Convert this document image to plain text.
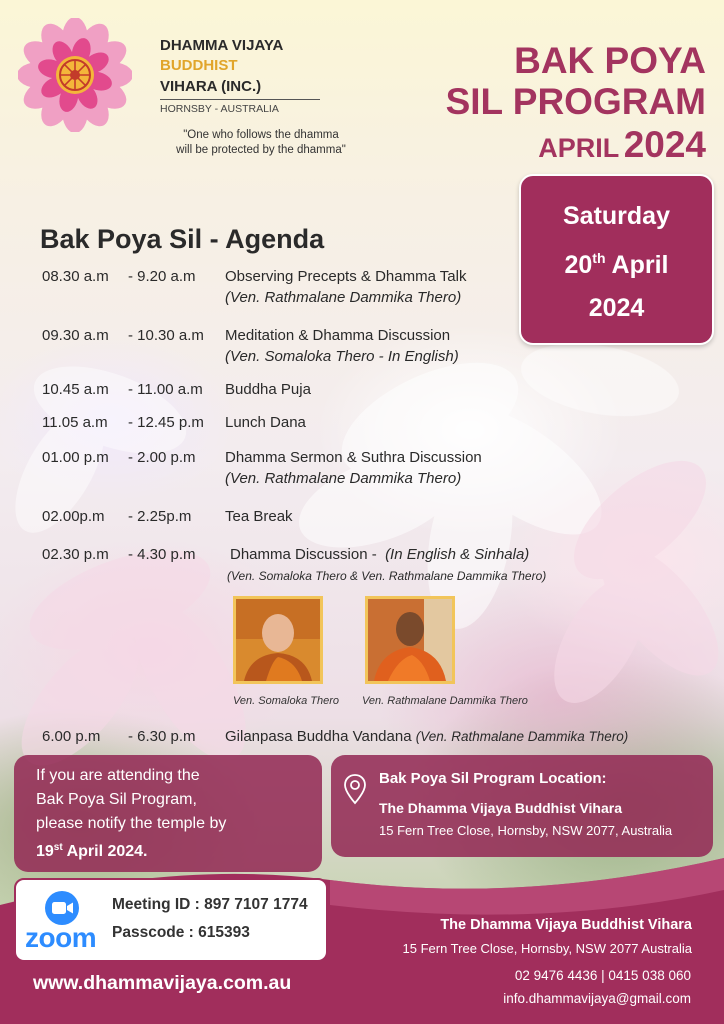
DHAMMA VIJAYA
BUDDHIST
VIHARA (INC.)
HORNSBY - AUSTRALIA
"One who follows the dhamma
will be protected by the dhamma"
BAK POYA
SIL PROGRAM
APRIL 2024
Saturday
20th April
2024
Bak Poya Sil - Agenda
08.30 a.m - 9.20 a.m Observing Precepts & Dhamma Talk
(Ven. Rathmalane Dammika Thero)
09.30 a.m - 10.30 a.m Meditation & Dhamma Discussion
(Ven. Somaloka Thero - In English)
10.45 a.m - 11.00 a.m Buddha Puja
11.05 a.m - 12.45 p.m Lunch Dana
01.00 p.m - 2.00 p.m Dhamma Sermon & Suthra Discussion
(Ven. Rathmalane Dammika Thero)
02.00p.m - 2.25p.m Tea Break
02.30 p.m - 4.30 p.m Dhamma Discussion - (In English & Sinhala)
(Ven. Somaloka Thero & Ven. Rathmalane Dammika Thero)
Ven. Somaloka Thero Ven. Rathmalane Dammika Thero
6.00 p.m - 6.30 p.m Gilanpasa Buddha Vandana (Ven. Rathmalane Dammika Thero)
If you are attending the
Bak Poya Sil Program,
please notify the temple by
19st April 2024.
Bak Poya Sil Program Location:
The Dhamma Vijaya Buddhist Vihara
15 Fern Tree Close, Hornsby, NSW 2077, Australia
zoom
Meeting ID : 897 7107 1774
Passcode : 615393
www.dhammavijaya.com.au
The Dhamma Vijaya Buddhist Vihara
15 Fern Tree Close, Hornsby, NSW 2077 Australia
02 9476 4436 | 0415 038 060
info.dhammavijaya@gmail.com
